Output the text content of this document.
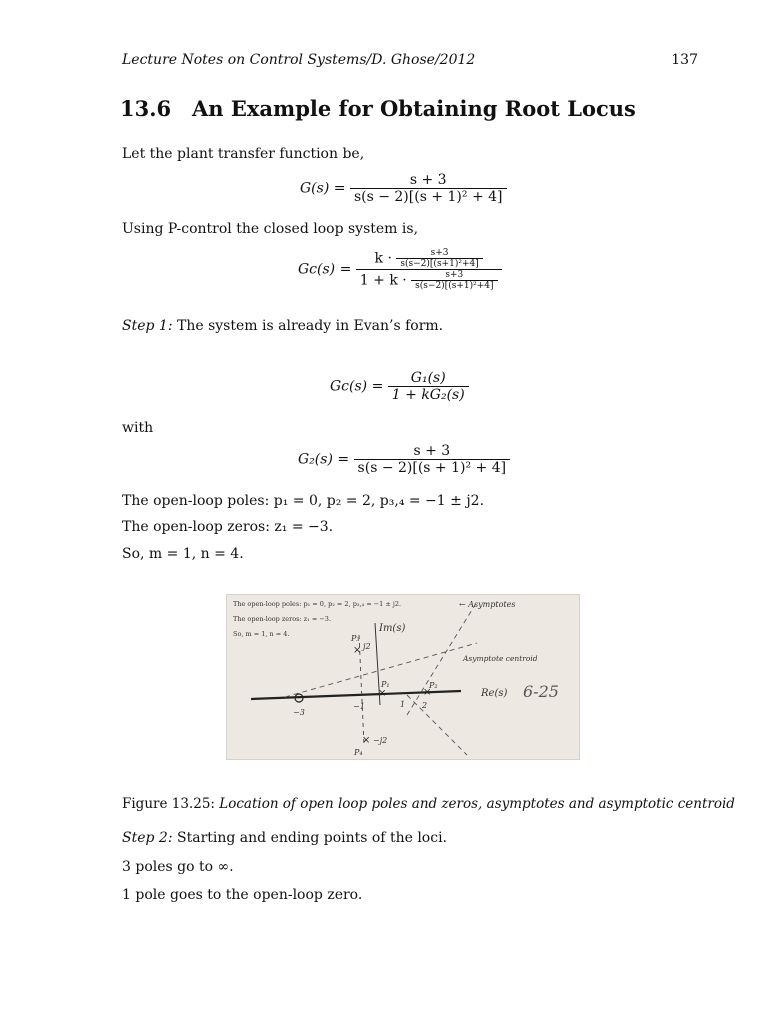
Lecture Notes on Control Systems/D. Ghose/2012	137
13.6 An Example for Obtaining Root Locus
Let the plant transfer function be,
$G(s) = \frac{s + 3}{\text{s(s − 2)[(s + 1)² + 4]}}$
Using P-control the closed loop system is,
$Gc(s) = \frac{k \cdot \frac{s+3}{\text{s(s−2)[(s+1)²+4]}}}{1 + k \cdot \frac{s+3}{\text{s(s−2)[(s+1)²+4]}}}$
Step 1: The system is already in Evan’s form.
$Gc(s) = \frac{\text{G₁(s)}}{\text{1 + kG₂(s)}}$
with
$G_2(s) = \frac{s + 3}{\text{s(s − 2)[(s + 1)² + 4]}}$
The open-loop poles: p₁ = 0, p₂ = 2, p₃,₄ = −1 ± j2.
The open-loop zeros: z₁ = −3.
So, m = 1, n = 4.
The open-loop poles: p₁ = 0, p₂ = 2, p₃,₄ = −1 ± j2.
The open-loop zeros: z₁ = −3.
So, m = 1, n = 4.
×	×
×
×
← Asymptotes
Im(s)
Asymptote centroid
Re(s) 6-25
j2
−j2
−3
−1	1 2
P₁	P₂
P₃
P₄
Figure 13.25: Location of open loop poles and zeros, asymptotes and asymptotic centroid
Step 2: Starting and ending points of the loci.
3 poles go to ∞.
1 pole goes to the open-loop zero.
